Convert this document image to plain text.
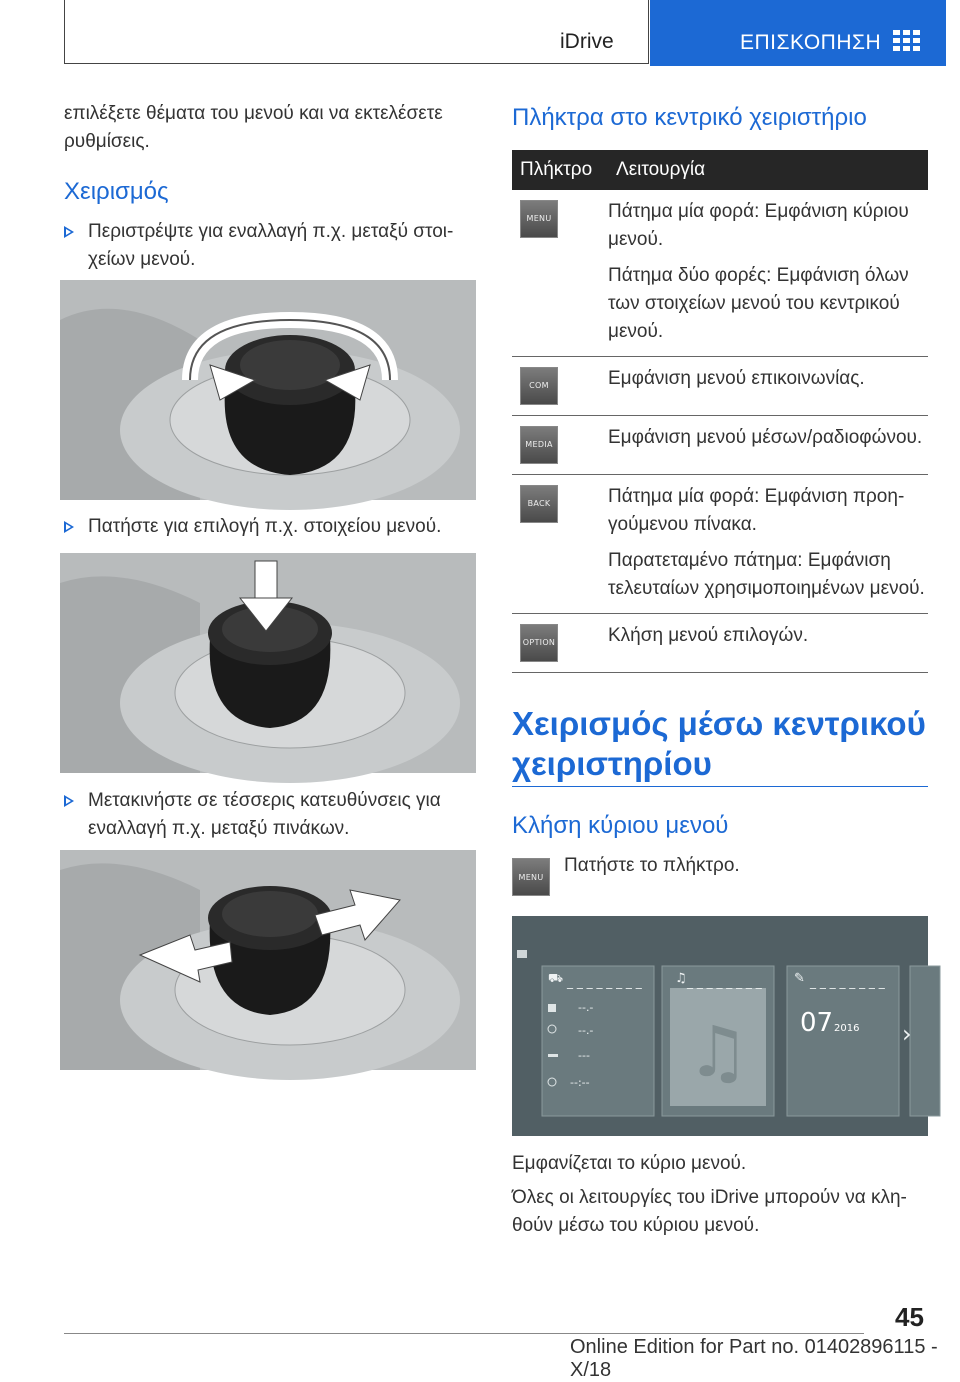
iDrive	ΕΠΙΣΚΟΠΗΣΗ

επιλέξετε θέματα του μενού και να εκτελέσετε ρυθμίσεις.

Χειρισμός
Περιστρέψτε για εναλλαγή π.χ. μεταξύ στοιχείων μενού.
Πατήστε για επιλογή π.χ. στοιχείου μενού.
Μετακινήστε σε τέσσερις κατευθύνσεις για εναλλαγή π.χ. μεταξύ πινάκων.
Πλήκτρα στο κεντρικό χειριστήριο
Πλήκτρο	Λειτουργία

MENU	Πάτημα μία φορά: Εμφάνιση κύριου μενού.

Πάτημα δύο φορές: Εμφάνιση όλων των στοιχείων μενού του κεντρικού μενού.

COM	Εμφάνιση μενού επικοινωνίας.

MEDIA	Εμφάνιση μενού μέσων/ραδιοφώνου.

BACK	Πάτημα μία φορά: Εμφάνιση προηγούμενου πίνακα.

Παρατεταμένο πάτημα: Εμφάνιση τελευταίων χρησιμοποιημένων μενού.

OPTION	Κλήση μενού επιλογών.

Χειρισμός μέσω κεντρικού χειριστηρίου
Κλήση κύριου μενού
MENU

Πατήστε το πλήκτρο.

♫
♫	✎
⛟
›
_ _ _ _ _ _ _ _	_ _ _ _ _ _ _ _	_ _ _ _ _ _ _ _
--.-
--.-
---
--:--
07 2016

Εμφανίζεται το κύριο μενού.

Όλες οι λειτουργίες του iDrive μπορούν να κληθούν μέσω του κύριου μενού.

45
Online Edition for Part no. 01402896115 - X/18
